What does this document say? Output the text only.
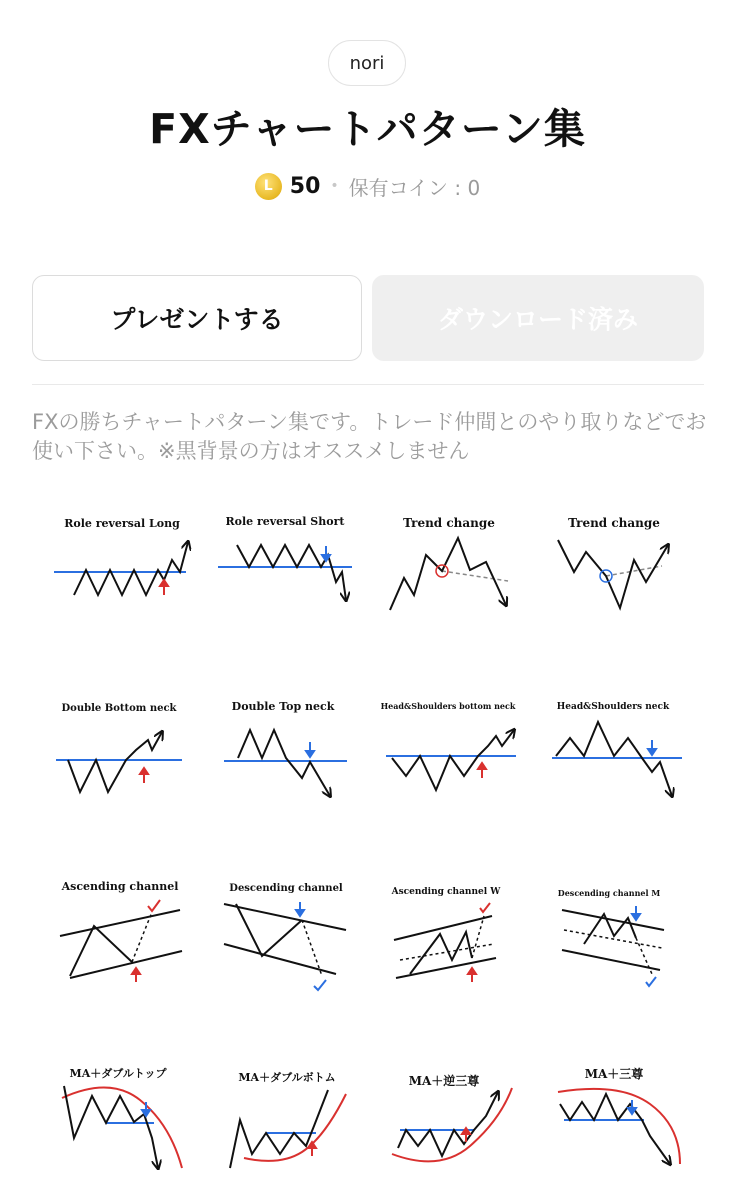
nori
FXチャートパターン集
L 50 • 保有コイン : 0
プレゼントする	ダウンロード済み
FXの勝ちチャートパターン集です。トレード仲間とのやり取りなどでお使い下さい。※黒背景の方はオススメしません
Role reversal Long	Role reversal Short	Trend change	Trend change
Double Bottom neck	Double Top neck	Head&Shoulders bottom neck	Head&Shoulders neck
Ascending channel	Descending channel	Ascending channel W	Descending channel M
MA＋ダブルトップ	MA＋ダブルボトム	MA＋逆三尊	MA＋三尊
